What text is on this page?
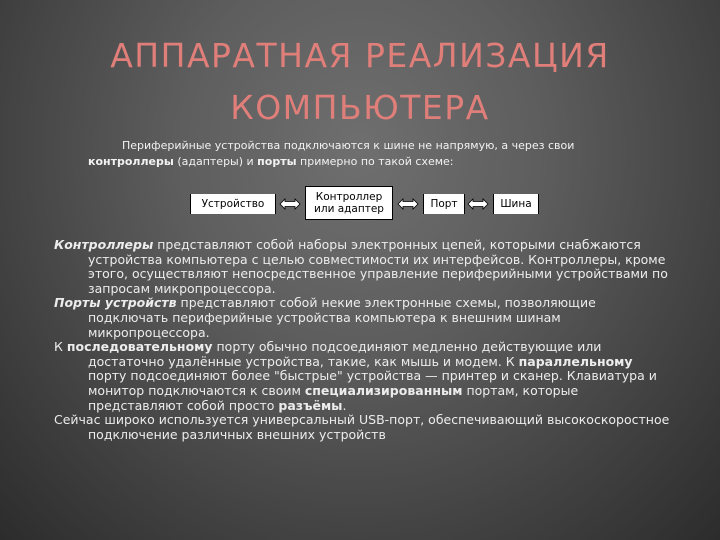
АППАРАТНАЯ РЕАЛИЗАЦИЯ
КОМПЬЮТЕРА
Периферийные устройства подключаются к шине не напрямую, а через свои контроллеры (адаптеры) и порты примерно по такой схеме:
Устройство
Контроллер
или адаптер	Порт	Шина

Контроллеры представляют собой наборы электронных цепей, которыми снабжаются устройства компьютера с целью совместимости их интерфейсов. Контроллеры, кроме этого, осуществляют непосредственное управление периферийными устройствами по запросам микропроцессора.

Порты устройств представляют собой некие электронные схемы, позволяющие подключать периферийные устройства компьютера к внешним шинам микропроцессора.

К последовательному порту обычно подсоединяют медленно действующие или достаточно удалённые устройства, такие, как мышь и модем. К параллельному порту подсоединяют более "быстрые" устройства — принтер и сканер. Клавиатура и монитор подключаются к своим специализированным портам, которые представляют собой просто разъёмы.

Сейчас широко используется универсальный USB-порт, обеспечивающий высокоскоростное подключение различных внешних устройств
